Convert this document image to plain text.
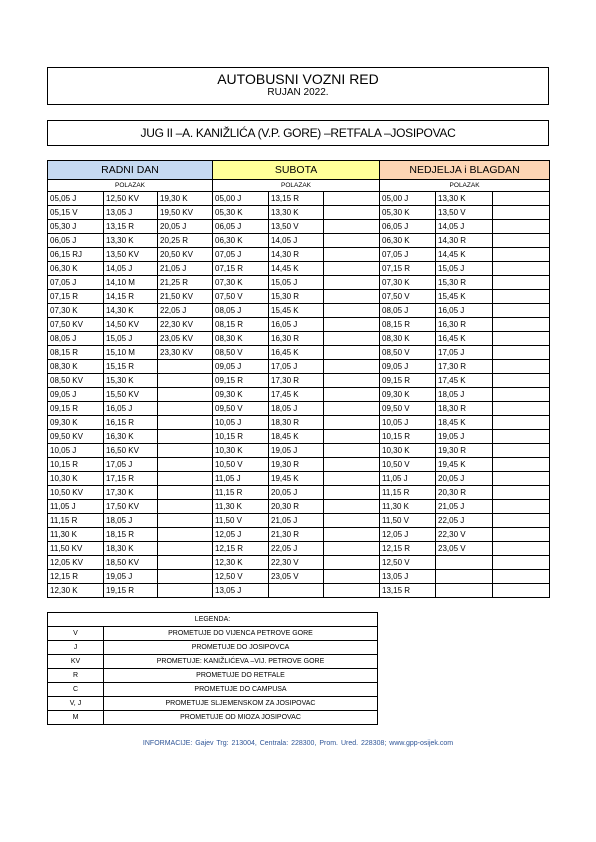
AUTOBUSNI VOZNI RED
RUJAN 2022.
JUG II –A. KANIŽLIĆA (V.P. GORE) –RETFALA –JOSIPOVAC
RADNI DAN			SUBOTA			NEDJELJA i BLAGDAN		
POLAZAK			POLAZAK			POLAZAK		
05,05 J	12,50 KV	19,30 K	05,00 J	13,15 R		05,00 J	13,30 K	
05,15 V	13,05 J	19,50 KV	05,30 K	13,30 K		05,30 K	13,50 V	
05,30 J	13,15 R	20,05 J	06,05 J	13,50 V		06,05 J	14,05 J	
06,05 J	13,30 K	20,25 R	06,30 K	14,05 J		06,30 K	14,30 R	
06,15 RJ	13,50 KV	20,50 KV	07,05 J	14,30 R		07,05 J	14,45 K	
06,30 K	14,05 J	21,05 J	07,15 R	14,45 K		07,15 R	15,05 J	
07,05 J	14,10 M	21,25 R	07,30 K	15,05 J		07,30 K	15,30 R	
07,15 R	14,15 R	21,50 KV	07,50 V	15,30 R		07,50 V	15,45 K	
07,30 K	14,30 K	22,05 J	08,05 J	15,45 K		08,05 J	16,05 J	
07,50 KV	14,50 KV	22,30 KV	08,15 R	16,05 J		08,15 R	16,30 R	
08,05 J	15,05 J	23,05 KV	08,30 K	16,30 R		08,30 K	16,45 K	
08,15 R	15,10 M	23,30 KV	08,50 V	16,45 K		08,50 V	17,05 J	
08,30 K	15,15 R		09,05 J	17,05 J		09,05 J	17,30 R	
08,50 KV	15,30 K		09,15 R	17,30 R		09,15 R	17,45 K	
09,05 J	15,50 KV		09,30 K	17,45 K		09,30 K	18,05 J	
09,15 R	16,05 J		09,50 V	18,05 J		09,50 V	18,30 R	
09,30 K	16,15 R		10,05 J	18,30 R		10,05 J	18,45 K	
09,50 KV	16,30 K		10,15 R	18,45 K		10,15 R	19,05 J	
10,05 J	16,50 KV		10,30 K	19,05 J		10,30 K	19,30 R	
10,15 R	17,05 J		10,50 V	19,30 R		10,50 V	19,45 K	
10,30 K	17,15 R		11,05 J	19,45 K		11,05 J	20,05 J	
10,50 KV	17,30 K		11,15 R	20,05 J		11,15 R	20,30 R	
11,05 J	17,50 KV		11,30 K	20,30 R		11,30 K	21,05 J	
11,15 R	18,05 J		11,50 V	21,05 J		11,50 V	22,05 J	
11,30 K	18,15 R		12,05 J	21,30 R		12,05 J	22,30 V	
11,50 KV	18,30 K		12,15 R	22,05 J		12,15 R	23,05 V	
12,05 KV	18,50 KV		12,30 K	22,30 V		12,50 V		
12,15 R	19,05 J		12,50 V	23,05 V		13,05 J		
12,30 K	19,15 R		13,05 J			13,15 R		
LEGENDA:	
V	PROMETUJE DO VIJENCA PETROVE GORE
J	PROMETUJE DO JOSIPOVCA
KV	PROMETUJE: KANIŽLIĆEVA –VIJ. PETROVE GORE
R	PROMETUJE DO RETFALE
C	PROMETUJE DO CAMPUSA
V, J	PROMETUJE SLJEMENSKOM ZA JOSIPOVAC
M	PROMETUJE OD MIOZA JOSIPOVAC
INFORMACIJE: Gajev Trg: 213004, Centrala: 228300, Prom. Ured. 228308; www.gpp-osijek.com
